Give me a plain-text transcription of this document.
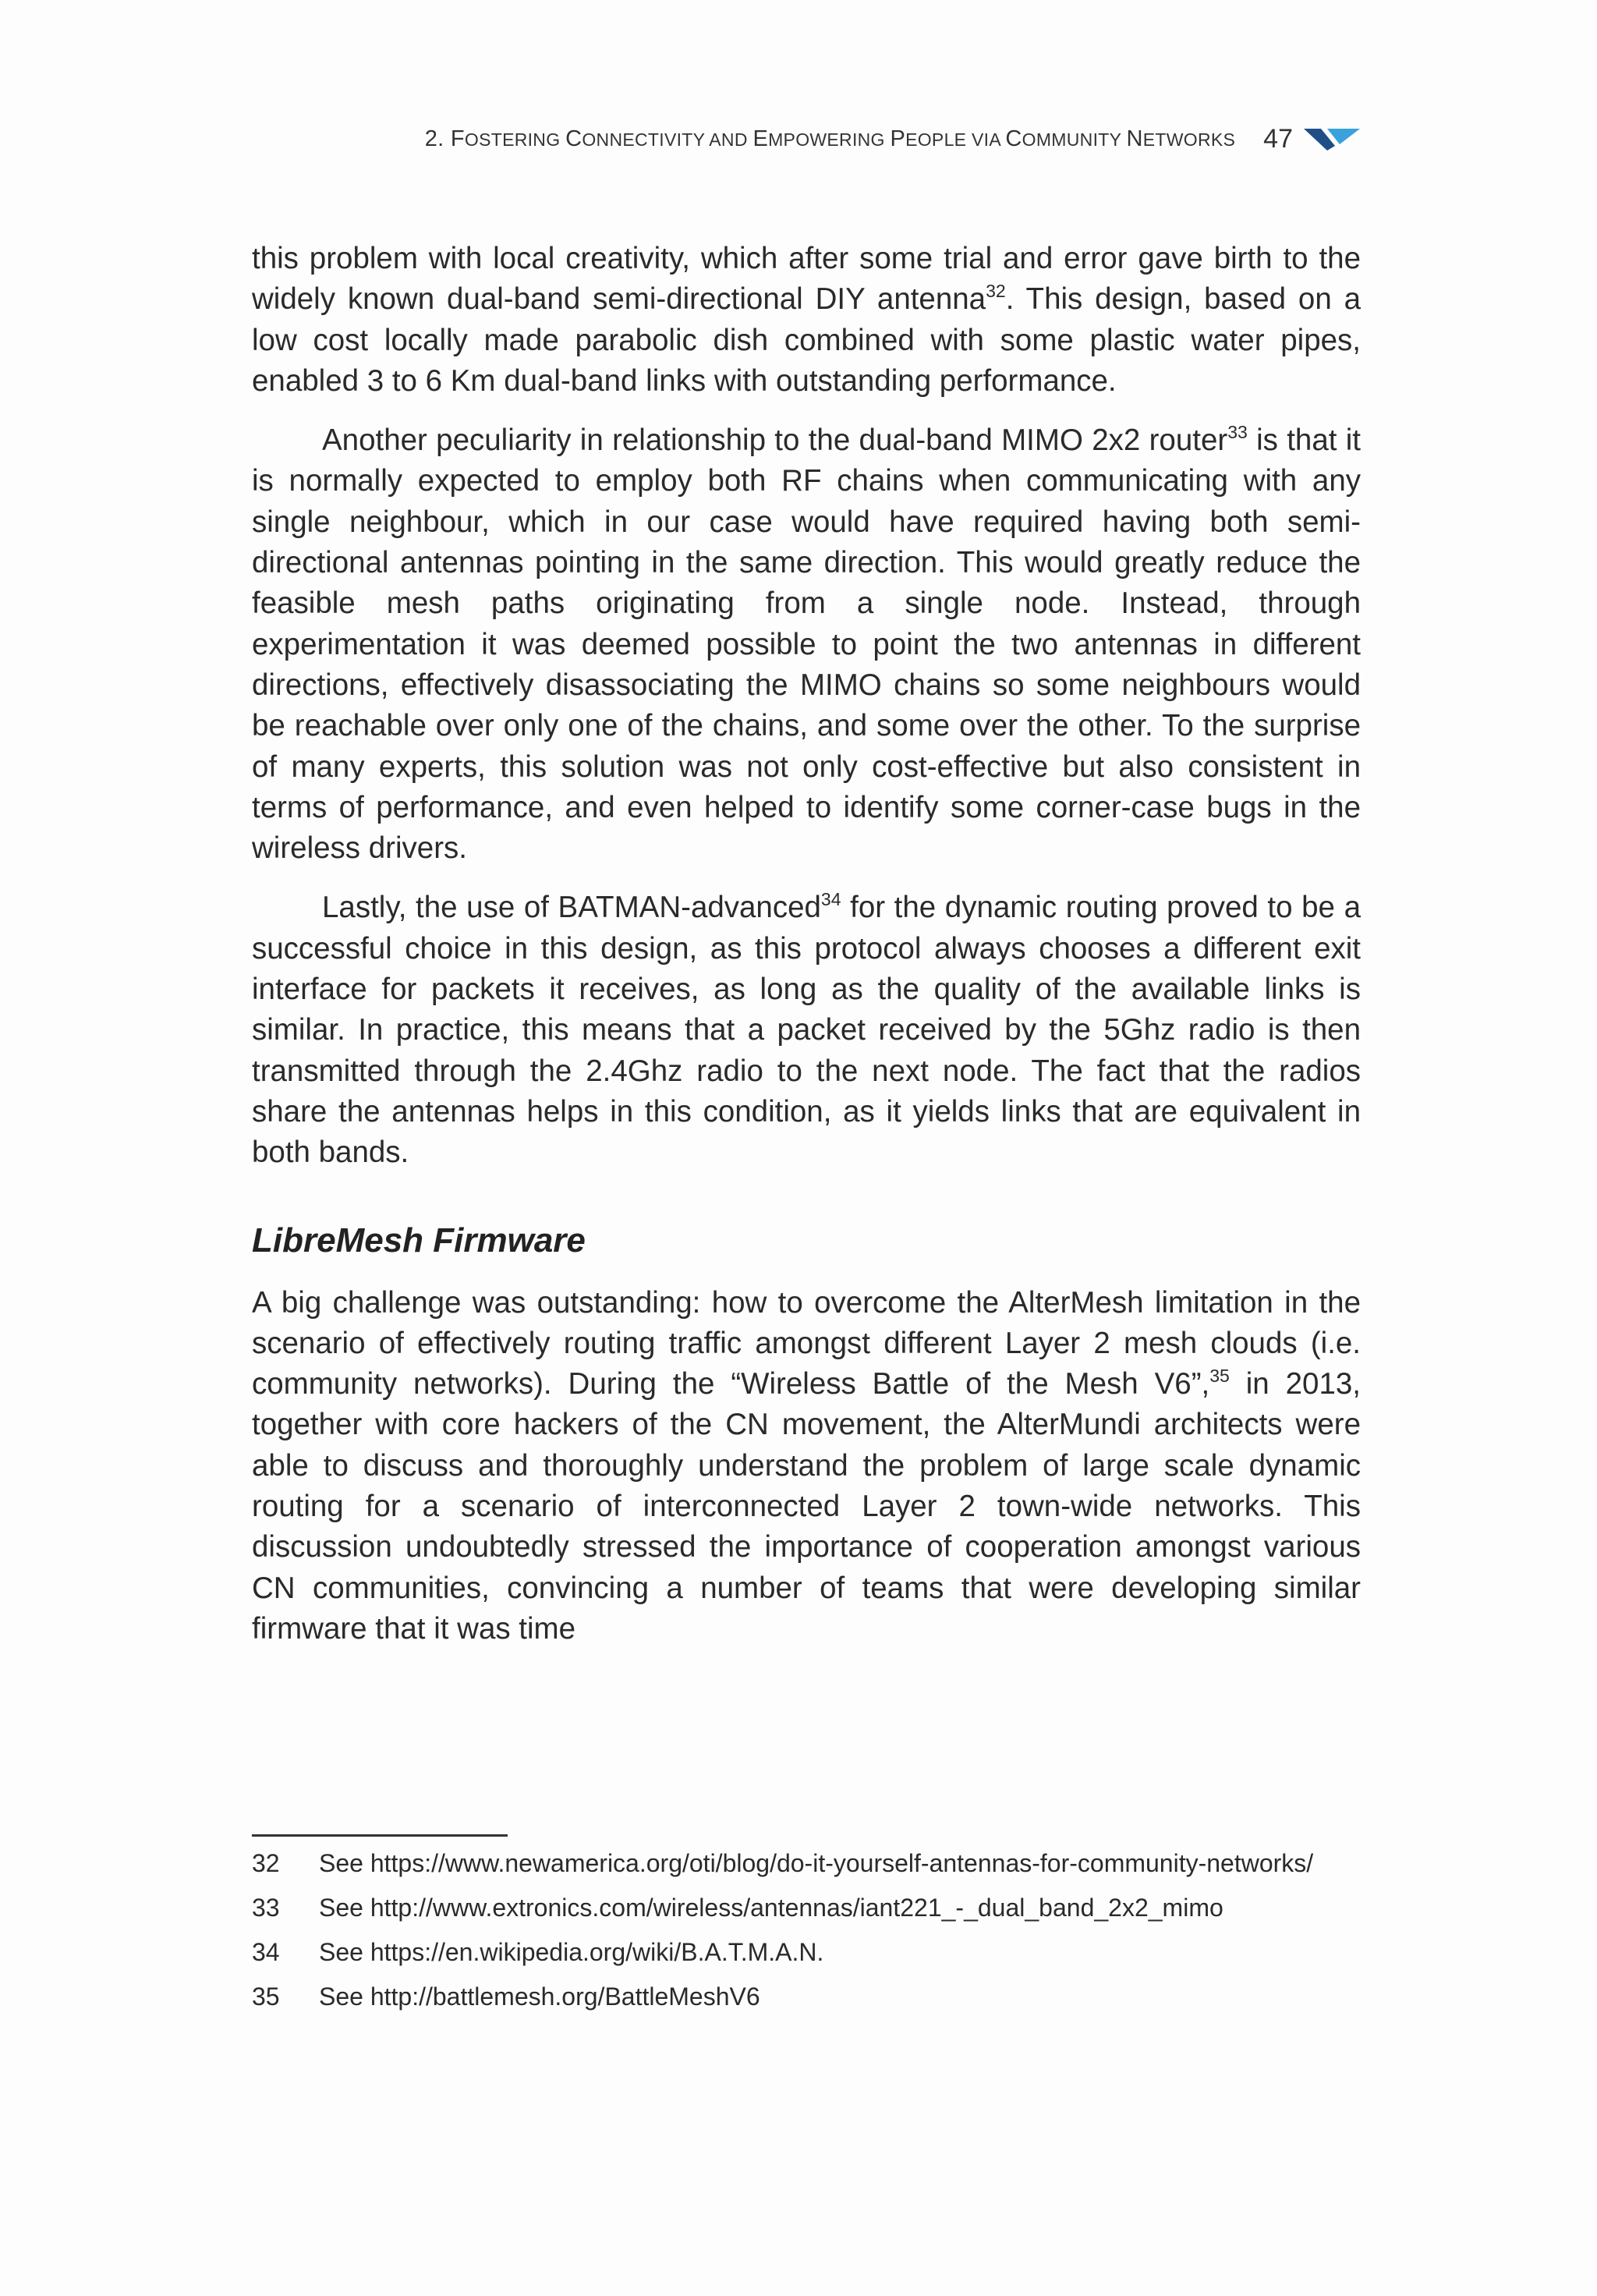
2. FOSTERING CONNECTIVITY AND EMPOWERING PEOPLE VIA COMMUNITY NETWORKS 47

this problem with local creativity, which after some trial and error gave birth to the widely known dual-band semi-directional DIY antenna$^{32}$. This design, based on a low cost locally made parabolic dish combined with some plastic water pipes, enabled 3 to 6 Km dual-band links with outstanding performance.

Another peculiarity in relationship to the dual-band MIMO 2x2 router$^{33}$ is that it is normally expected to employ both RF chains when communicating with any single neighbour, which in our case would have required having both semi-directional antennas pointing in the same direction. This would greatly reduce the feasible mesh paths originating from a single node. Instead, through experimentation it was deemed possible to point the two antennas in different directions, effectively disassociating the MIMO chains so some neighbours would be reachable over only one of the chains, and some over the other. To the surprise of many experts, this solution was not only cost-effective but also consistent in terms of performance, and even helped to identify some corner-case bugs in the wireless drivers.

Lastly, the use of BATMAN-advanced$^{34}$ for the dynamic routing proved to be a successful choice in this design, as this protocol always chooses a different exit interface for packets it receives, as long as the quality of the available links is similar. In practice, this means that a packet received by the 5Ghz radio is then transmitted through the 2.4Ghz radio to the next node. The fact that the radios share the antennas helps in this condition, as it yields links that are equivalent in both bands.

LibreMesh Firmware

A big challenge was outstanding: how to overcome the AlterMesh limitation in the scenario of effectively routing traffic amongst different Layer 2 mesh clouds (i.e. community networks). During the “Wireless Battle of the Mesh V6”,$^{35}$ in 2013, together with core hackers of the CN movement, the AlterMundi architects were able to discuss and thoroughly understand the problem of large scale dynamic routing for a scenario of interconnected Layer 2 town-wide networks. This discussion undoubtedly stressed the importance of cooperation amongst various CN communities, convincing a number of teams that were developing similar firmware that it was time

32 See https://www.newamerica.org/oti/blog/do-it-yourself-antennas-for-community-networks/
33 See http://www.extronics.com/wireless/antennas/iant221_-_dual_band_2x2_mimo
34 See https://en.wikipedia.org/wiki/B.A.T.M.A.N.
35 See http://battlemesh.org/BattleMeshV6
